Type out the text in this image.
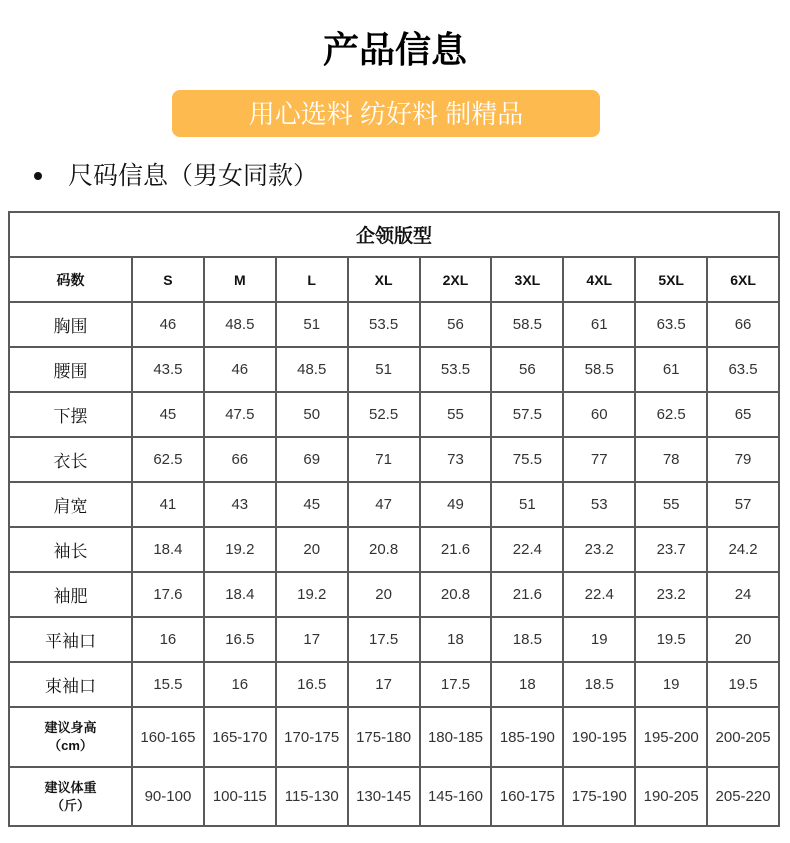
产品信息
用心选料 纺好料 制精品
尺码信息（男女同款）
企领版型
码数	S	M	L	XL	2XL	3XL	4XL	5XL	6XL
胸围	46	48.5	51	53.5	56	58.5	61	63.5	66
腰围	43.5	46	48.5	51	53.5	56	58.5	61	63.5
下摆	45	47.5	50	52.5	55	57.5	60	62.5	65
衣长	62.5	66	69	71	73	75.5	77	78	79
肩宽	41	43	45	47	49	51	53	55	57
袖长	18.4	19.2	20	20.8	21.6	22.4	23.2	23.7	24.2
袖肥	17.6	18.4	19.2	20	20.8	21.6	22.4	23.2	24
平袖口	16	16.5	17	17.5	18	18.5	19	19.5	20
束袖口	15.5	16	16.5	17	17.5	18	18.5	19	19.5
建议身高
（cm）	160-165	165-170	170-175	175-180	180-185	185-190	190-195	195-200	200-205
建议体重
（斤）	90-100	100-115	115-130	130-145	145-160	160-175	175-190	190-205	205-220
